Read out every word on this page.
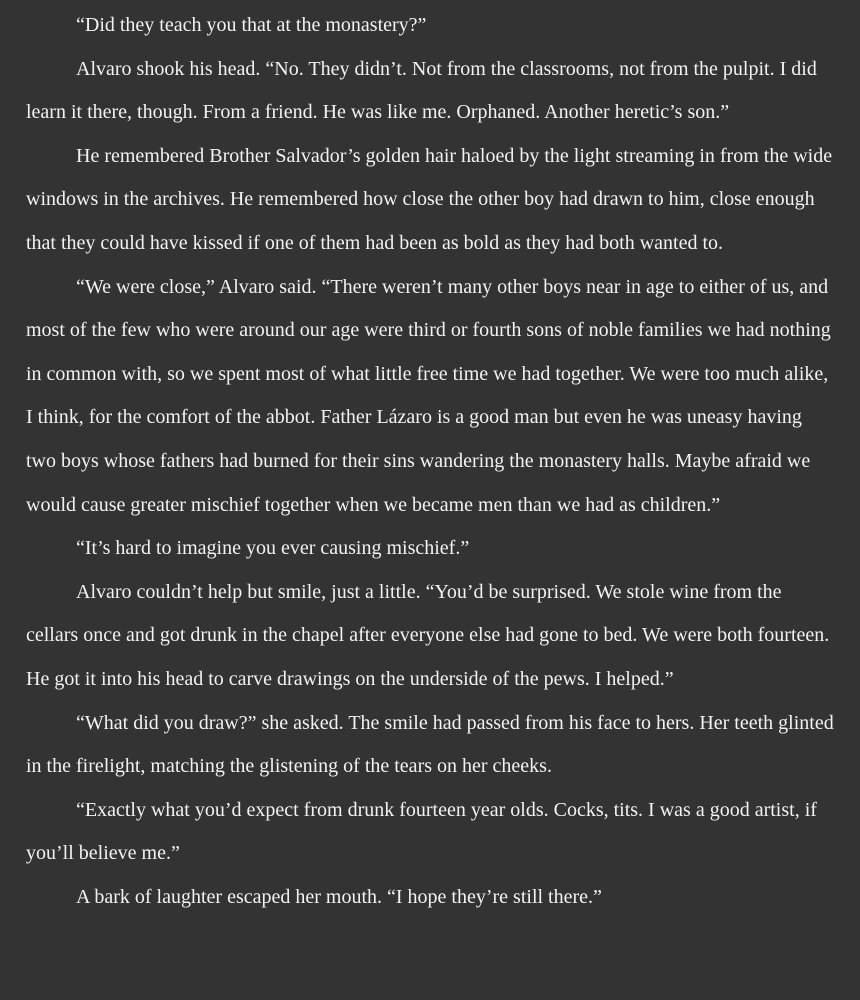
“Did they teach you that at the monastery?”

Alvaro shook his head. “No. They didn’t. Not from the classrooms, not from the pulpit. I did learn it there, though. From a friend. He was like me. Orphaned. Another heretic’s son.”

He remembered Brother Salvador’s golden hair haloed by the light streaming in from the wide windows in the archives. He remembered how close the other boy had drawn to him, close enough that they could have kissed if one of them had been as bold as they had both wanted to.

“We were close,” Alvaro said. “There weren’t many other boys near in age to either of us, and most of the few who were around our age were third or fourth sons of noble families we had nothing in common with, so we spent most of what little free time we had together. We were too much alike, I think, for the comfort of the abbot. Father Lázaro is a good man but even he was uneasy having two boys whose fathers had burned for their sins wandering the monastery halls. Maybe afraid we would cause greater mischief together when we became men than we had as children.”

“It’s hard to imagine you ever causing mischief.”

Alvaro couldn’t help but smile, just a little. “You’d be surprised. We stole wine from the cellars once and got drunk in the chapel after everyone else had gone to bed. We were both fourteen. He got it into his head to carve drawings on the underside of the pews. I helped.”

“What did you draw?” she asked. The smile had passed from his face to hers. Her teeth glinted in the firelight, matching the glistening of the tears on her cheeks.

“Exactly what you’d expect from drunk fourteen year olds. Cocks, tits. I was a good artist, if you’ll believe me.”

A bark of laughter escaped her mouth. “I hope they’re still there.”
